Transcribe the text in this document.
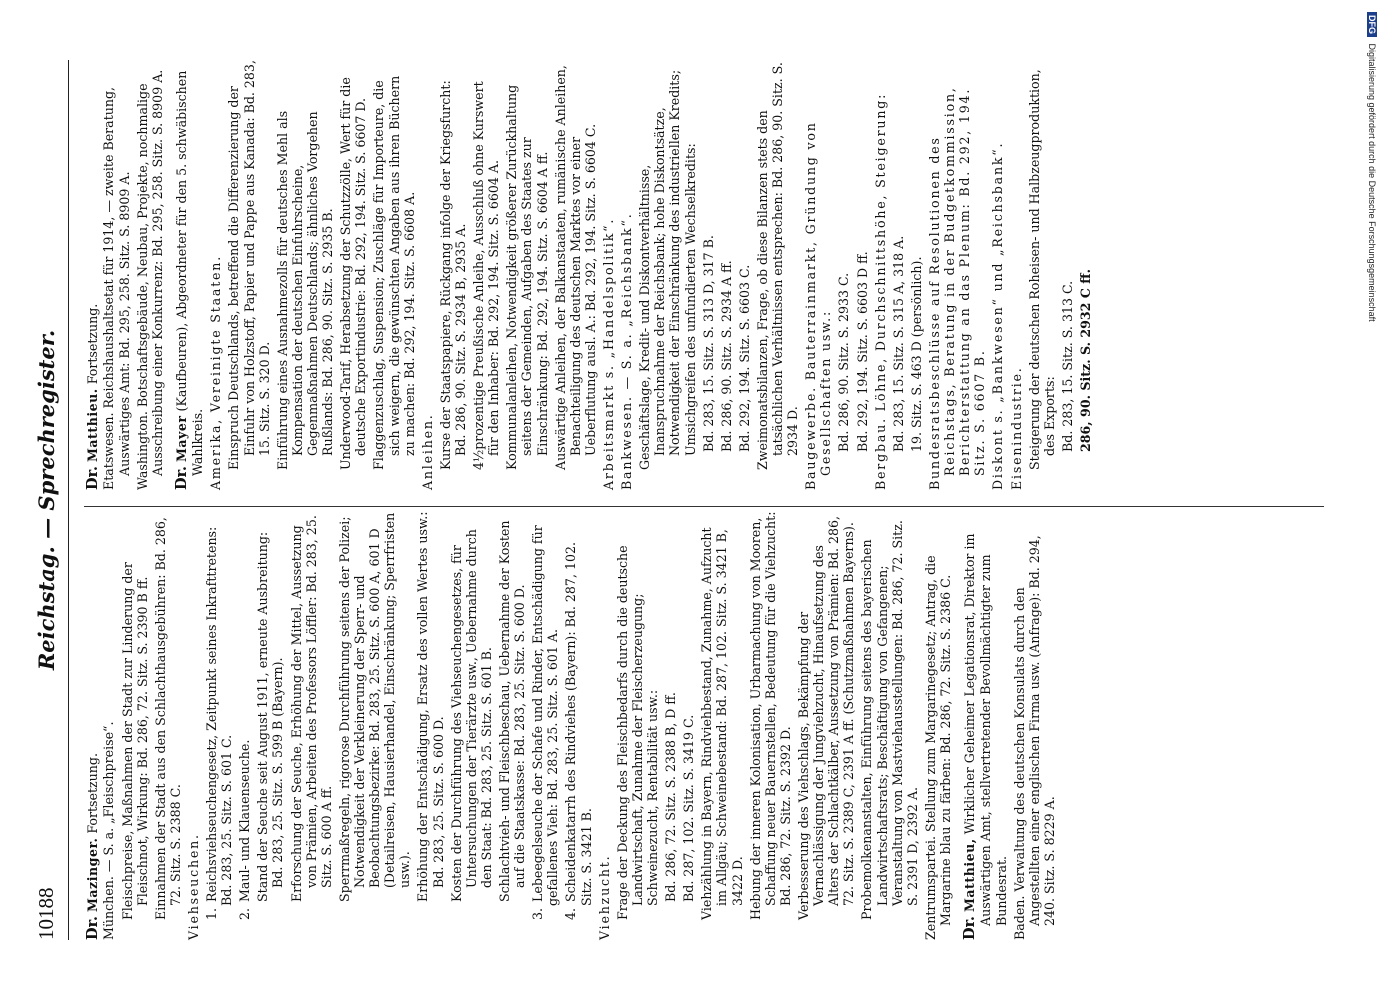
10188
Reichstag. — Sprechregister.
Dr. Mazinger. Fortsetzung. München. — S. a. „Fleischpreise“. Fleischpreise, Maßnahmen der Stadt zur Linderung der Fleischnot, Wirkung: Bd. 286, 72. Sitz. S. 2390 B ff. Einnahmen der Stadt aus den Schlachthausgebühren: Bd. 286, 72. Sitz. S. 2388 C. Viehseuchen. 1.Reichsviehseuchengesetz, Zeitpunkt seines Inkrafttretens: Bd. 283, 25. Sitz. S. 601 C.
2.Maul- und Klauenseuche. Stand der Seuche seit August 1911, erneute Ausbreitung: Bd. 283, 25. Sitz. S. 599 B (Bayern). Erforschung der Seuche, Erhöhung der Mittel, Aussetzung von Prämien, Arbeiten des Professors Löffler: Bd. 283, 25. Sitz. S. 600 A ff. Sperrmaßregeln, rigorose Durchführung seitens der Polizei; Notwendigkeit der Verkleinerung der Sperr- und Beobachtungsbezirke: Bd. 283, 25. Sitz. S. 600 A, 601 D (Detailreisen, Hausierhandel, Einschränkung; Sperrfristen usw.). Erhöhung der Entschädigung, Ersatz des vollen Wertes usw.: Bd. 283, 25. Sitz. S. 600 D. Kosten der Durchführung des Viehseuchengesetzes, für Untersuchungen der Tierärzte usw., Uebernahme durch den Staat: Bd. 283, 25. Sitz. S. 601 B. Schlachtvieh- und Fleischbeschau, Uebernahme der Kosten auf die Staatskasse: Bd. 283, 25. Sitz. S. 600 D.
3.Lebeegelseuche der Schafe und Rinder, Entschädigung für gefallenes Vieh: Bd. 283, 25. Sitz. S. 601 A.
4.Scheidenkatarrh des Rindviehes (Bayern): Bd. 287, 102. Sitz. S. 3421 B. Viehzucht. Frage der Deckung des Fleischbedarfs durch die deutsche Landwirtschaft, Zunahme der Fleischerzeugung; Schweinezucht, Rentabilität usw.: Bd. 286, 72. Sitz. S. 2388 B, D ff. Bd. 287, 102. Sitz. S. 3419 C. Viehzählung in Bayern, Rindviehbestand, Zunahme, Aufzucht im Allgäu; Schweinebestand: Bd. 287, 102. Sitz. S. 3421 B, 3422 D. Hebung der inneren Kolonisation, Urbarmachung von Mooren, Schaffung neuer Bauernstellen, Bedeutung für die Viehzucht: Bd. 286, 72. Sitz. S. 2392 D. Verbesserung des Viehschlags, Bekämpfung der Vernachlässigung der Jungviehzucht, Hinaufsetzung des Alters der Schlachtkälber, Aussetzung von Prämien: Bd. 286, 72. Sitz. S. 2389 C, 2391 A ff. (Schutzmaßnahmen Bayerns). Probemolkenanstalten, Einführung seitens des bayerischen Landwirtschaftsrats; Beschäftigung von Gefangenen; Veranstaltung von Mastviehausstellungen: Bd. 286, 72. Sitz. S. 2391 D, 2392 A. Zentrumspartei. Stellung zum Margarinegesetz; Antrag, die Margarine blau zu färben: Bd. 286, 72. Sitz. S. 2386 C.
Dr. Matthieu, Wirklicher Geheimer Legationsrat, Direktor im Auswärtigen Amt, stellvertretender Bevollmächtigter zum Bundesrat. Baden. Verwaltung des deutschen Konsulats durch den Angestellten einer englischen Firma usw. (Anfrage): Bd. 294, 240. Sitz. S. 8229 A.
Dr. Matthieu. Fortsetzung. Etatswesen. Reichshaushaltsetat für 1914, — zweite Beratung, Auswärtiges Amt: Bd. 295, 258. Sitz. S. 8909 A. Washington. Botschaftsgebäude, Neubau, Projekte, nochmalige Ausschreibung einer Konkurrenz: Bd. 295, 258. Sitz. S. 8909 A.
Dr. Mayer (Kaufbeuren), Abgeordneter für den 5. schwäbischen Wahlkreis. Amerika, Vereinigte Staaten. Einspruch Deutschlands, betreffend die Differenzierung der Einfuhr von Holzstoff, Papier und Pappe aus Kanada: Bd. 283, 15. Sitz. S. 320 D. Einführung eines Ausnahmezolls für deutsches Mehl als Kompensation der deutschen Einfuhrscheine, Gegenmaßnahmen Deutschlands; ähnliches Vorgehen Rußlands: Bd. 286, 90. Sitz. S. 2935 B. Underwood-Tarif, Herabsetzung der Schutzzölle, Wert für die deutsche Exportindustrie: Bd. 292, 194. Sitz. S. 6607 D. Flaggenzuschlag, Suspension; Zuschläge für Importeure, die sich weigern, die gewünschten Angaben aus ihren Büchern zu machen: Bd. 292, 194. Sitz. S. 6608 A. Anleihen. Kurse der Staatspapiere, Rückgang infolge der Kriegsfurcht: Bd. 286, 90. Sitz. S. 2934 B, 2935 A. 4½prozentige Preußische Anleihe, Ausschluß ohne Kurswert für den Inhaber: Bd. 292, 194. Sitz. S. 6604 A. Kommunalanleihen, Notwendigkeit größerer Zurückhaltung seitens der Gemeinden, Aufgaben des Staates zur Einschränkung: Bd. 292, 194. Sitz. S. 6604 A ff. Auswärtige Anleihen, der Balkanstaaten, rumänische Anleihen, Benachteiligung des deutschen Marktes vor einer Ueberflutung ausl. A.: Bd. 292, 194. Sitz. S. 6604 C. Arbeitsmarkt s. „Handelspolitik“. Bankwesen. — S. a. „Reichsbank“. Geschäftslage, Kredit- und Diskontverhältnisse, Inanspruchnahme der Reichsbank; hohe Diskontsätze, Notwendigkeit der Einschränkung des industriellen Kredits; Umsichgreifen des unfundierten Wechselkredits: Bd. 283, 15. Sitz. S. 313 D, 317 B. Bd. 286, 90. Sitz. S. 2934 A ff. Bd. 292, 194. Sitz. S. 6603 C. Zweimonatsbilanzen, Frage, ob diese Bilanzen stets den tatsächlichen Verhältnissen entsprechen: Bd. 286, 90. Sitz. S. 2934 D. Baugewerbe. Bauterrainmarkt, Gründung von Gesellschaften usw.: Bd. 286, 90. Sitz. S. 2933 C. Bd. 292, 194. Sitz. S. 6603 D ff. Bergbau. Löhne, Durchschnittshöhe, Steigerung: Bd. 283, 15. Sitz. S. 315 A, 318 A. 19. Sitz. S. 463 D (persönlich). Bundesratsbeschlüsse auf Resolutionen des Reichstags, Beratung in der Budgetkommission, Berichterstattung an das Plenum: Bd. 292, 194. Sitz. S. 6607 B. Diskont s. „Bankwesen“ und „Reichsbank“. Eisenindustrie. Steigerung der deutschen Roheisen- und Halbzeugproduktion, des Exports: Bd. 283, 15. Sitz. S. 313 C. 286, 90. Sitz. S. 2932 C ff.
DFG Digitalisierung gefördert durch die Deutsche Forschungsgemeinschaft
